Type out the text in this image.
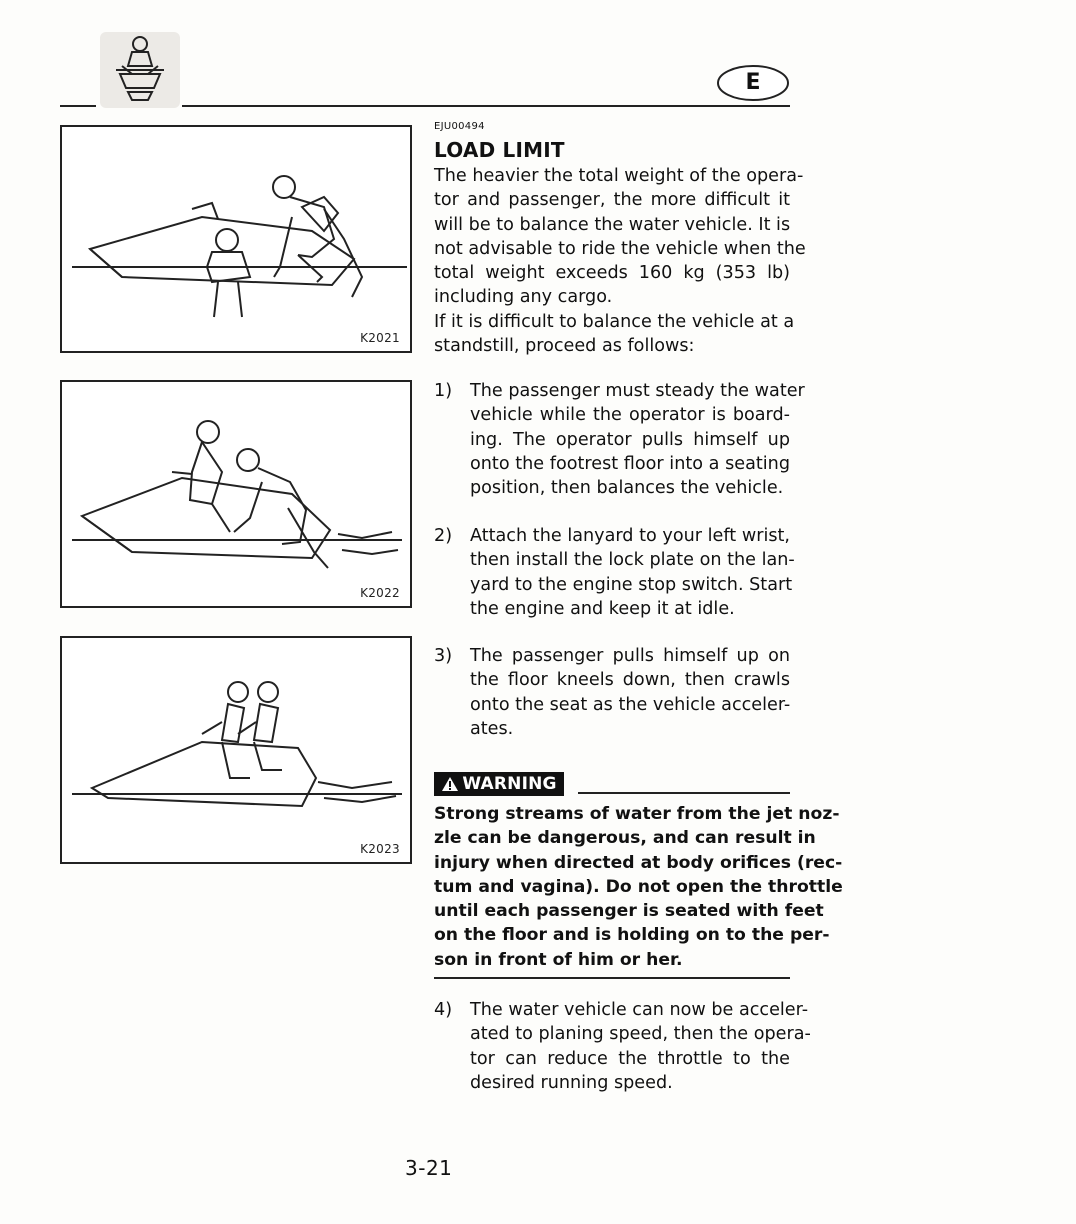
E
K2021
K2022
K2023
EJU00494
LOAD LIMIT
The heavier the total weight of the opera-
tor and passenger, the more difficult it
will be to balance the water vehicle. It is
not advisable to ride the vehicle when the
total weight exceeds 160 kg (353 lb)
including any cargo.
If it is difficult to balance the vehicle at a
standstill, proceed as follows:
1) The passenger must steady the water
vehicle while the operator is board-
ing. The operator pulls himself up
onto the footrest floor into a seating
position, then balances the vehicle.
2) Attach the lanyard to your left wrist,
then install the lock plate on the lan-
yard to the engine stop switch. Start
the engine and keep it at idle.
3) The passenger pulls himself up on
the floor kneels down, then crawls
onto the seat as the vehicle acceler-
ates.
WARNING
Strong streams of water from the jet noz-
zle can be dangerous, and can result in
injury when directed at body orifices (rec-
tum and vagina). Do not open the throttle
until each passenger is seated with feet
on the floor and is holding on to the per-
son in front of him or her.
4) The water vehicle can now be acceler-
ated to planing speed, then the opera-
tor can reduce the throttle to the
desired running speed.
3-21
